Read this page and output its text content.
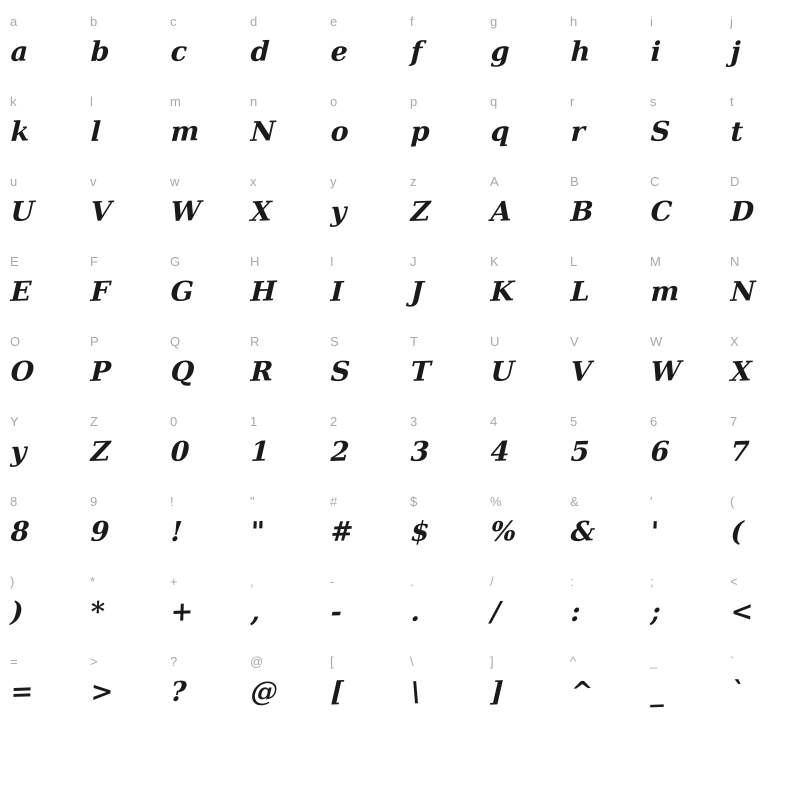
a
a
b
b
c
c
d
d
e
e
f
f
g
g
h
h
i
i
j
j
k
k
l
l
m
m
n
N
o
o
p
p
q
q
r
r
s
S
t
t
u
U
v
V
w
W
x
X
y
y
z
Z
A
A
B
B
C
C
D
D
E
E
F
F
G
G
H
H
I
I
J
J
K
K
L
L
M
m
N
N
O
O
P
P
Q
Q
R
R
S
S
T
T
U
U
V
V
W
W
X
X
Y
y
Z
Z
0
0
1
1
2
2
3
3
4
4
5
5
6
6
7
7
8
8
9
9
!
!
"
"
#
#
$
$
%
%
&
&
'
'
(
(
)
)
*
*
+
+
,
,
-
-
.
.
/
/
:
:
;
;
<
<
=
=
>
>
?
?
@
@
[
[
\
\
]
]
^
^
_
_
`
`
